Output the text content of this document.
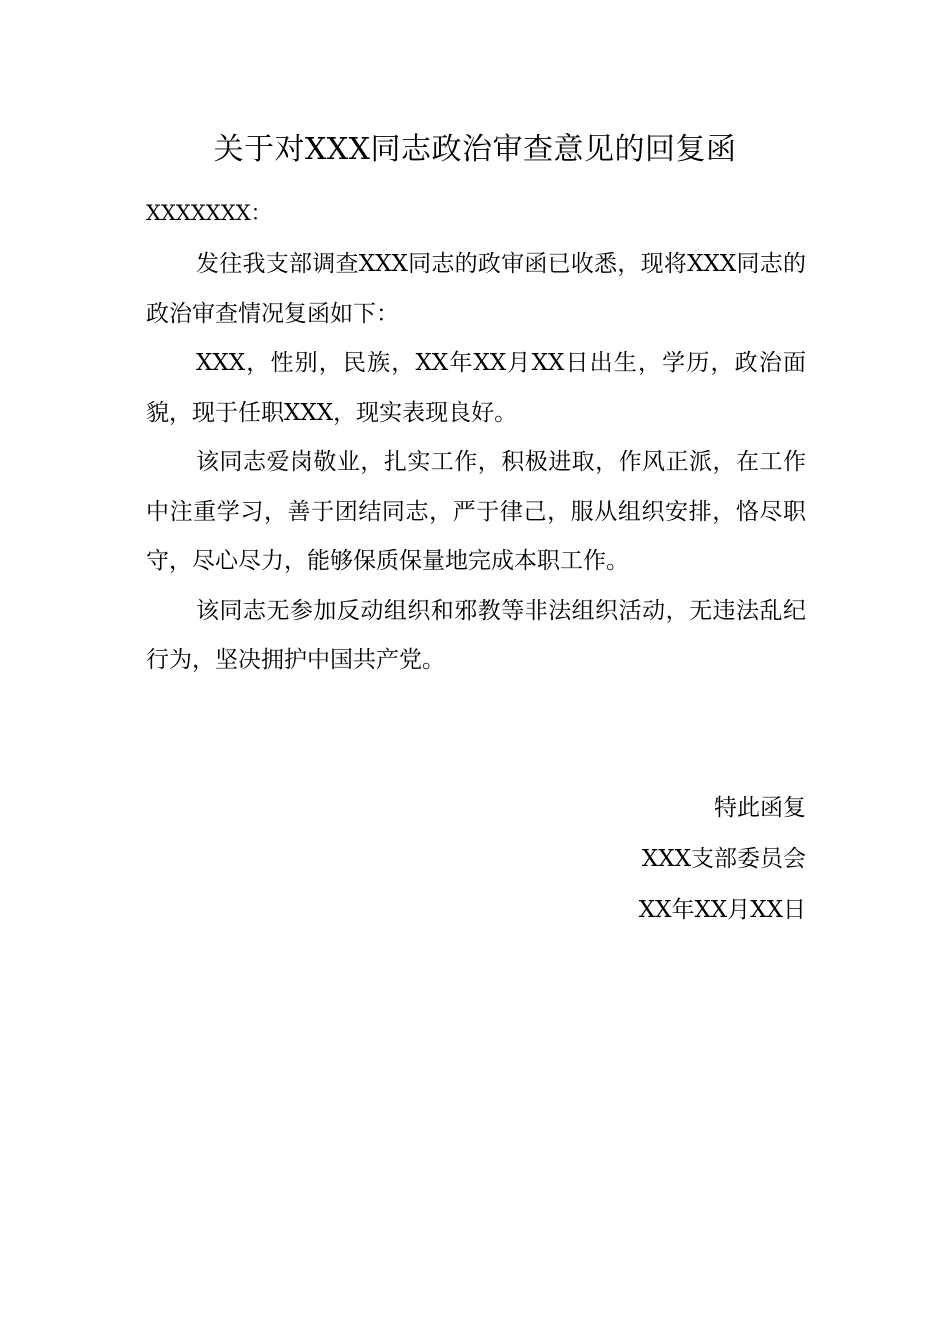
关于对XXX同志政治审查意见的回复函
XXXXXXX：

发往我支部调查XXX同志的政审函已收悉，现将XXX同志的政治审查情况复函如下：

XXX，性别，民族，XX年XX月XX日出生，学历，政治面貌，现于任职XXX，现实表现良好。

该同志爱岗敬业，扎实工作，积极进取，作风正派，在工作中注重学习，善于团结同志，严于律己，服从组织安排，恪尽职守，尽心尽力，能够保质保量地完成本职工作。

该同志无参加反动组织和邪教等非法组织活动，无违法乱纪行为，坚决拥护中国共产党。

特此函复
XXX支部委员会
XX年XX月XX日
